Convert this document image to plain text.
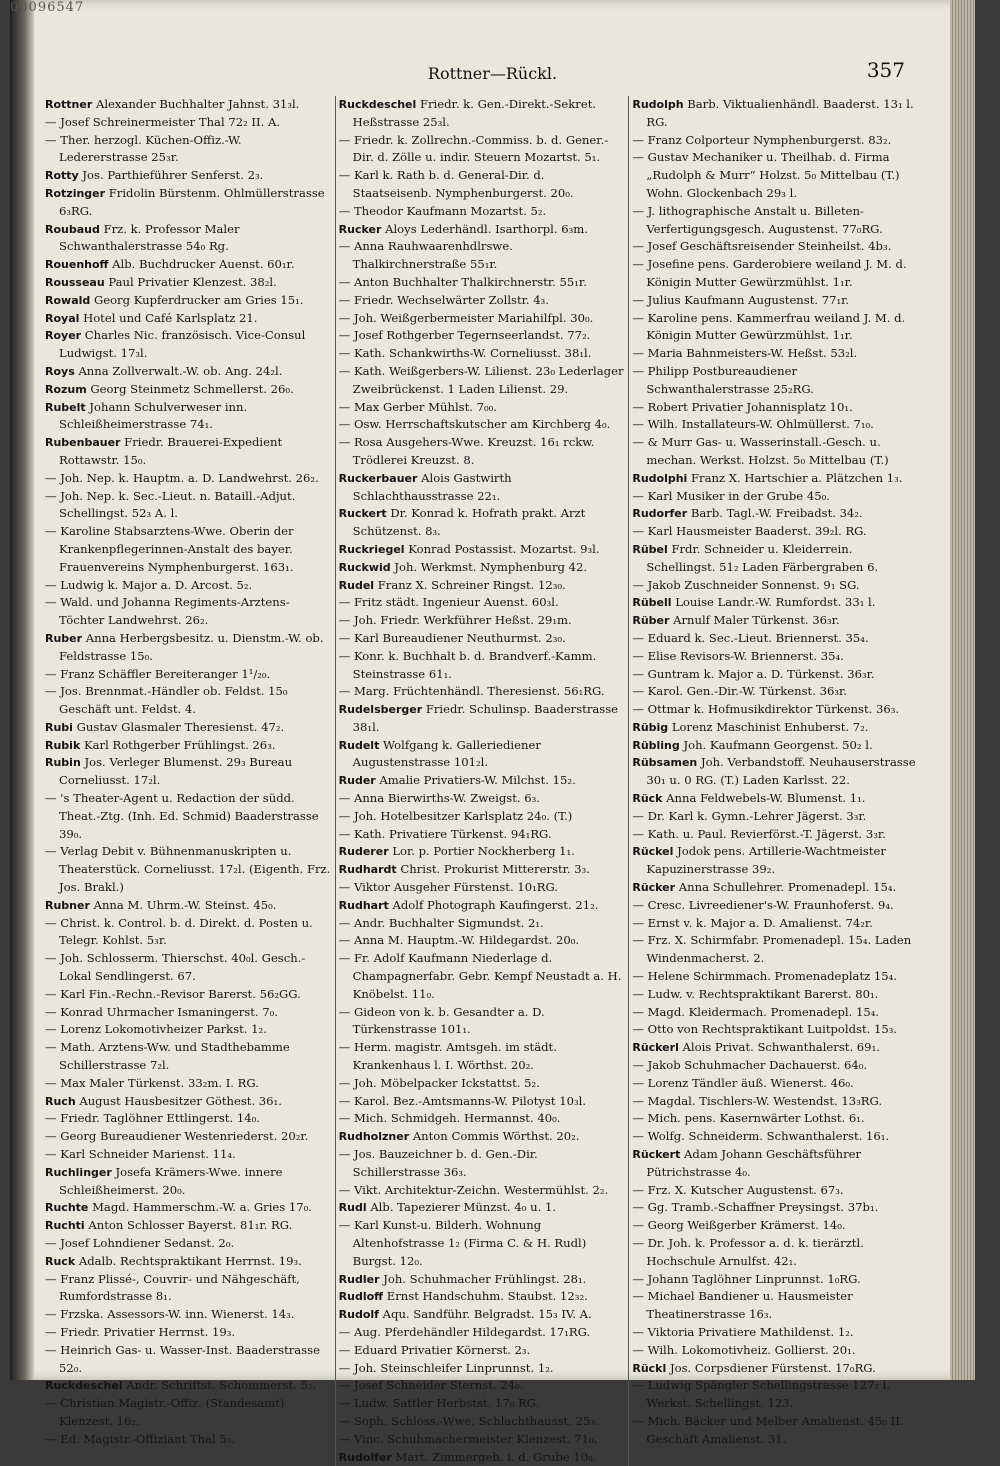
00096547
Rottner—Rückl.	357

Rottner Alexander Buchhalter Jahnst. 31₃l.

— Josef Schreinermeister Thal 72₂ II. A.

— Ther. herzogl. Küchen-Offiz.-W. Ledererstrasse 25₃r.

Rotty Jos. Parthieführer Senferst. 2₃.

Rotzinger Fridolin Bürstenm. Ohlmüllerstrasse 6₃RG.

Roubaud Frz. k. Professor Maler Schwanthalerstrasse 54₀ Rg.

Rouenhoff Alb. Buchdrucker Auenst. 60₁r.

Rousseau Paul Privatier Klenzest. 38₂l.

Rowald Georg Kupferdrucker am Gries 15₁.

Royal Hotel und Café Karlsplatz 21.

Royer Charles Nic. französisch. Vice-Consul Ludwigst. 17₃l.

Roys Anna Zollverwalt.-W. ob. Ang. 24₂l.

Rozum Georg Steinmetz Schmellerst. 26₀.

Rubelt Johann Schulverweser inn. Schleißheimerstrasse 74₁.

Rubenbauer Friedr. Brauerei-Expedient Rottawstr. 15₀.

— Joh. Nep. k. Hauptm. a. D. Landwehrst. 26₂.

— Joh. Nep. k. Sec.-Lieut. n. Bataill.-Adjut. Schellingst. 52₃ A. l.

— Karoline Stabsarztens-Wwe. Oberin der Krankenpflegerinnen-Anstalt des bayer. Frauenvereins Nymphenburgerst. 163₁.

— Ludwig k. Major a. D. Arcost. 5₂.

— Wald. und Johanna Regiments-Arztens-Töchter Landwehrst. 26₂.

Ruber Anna Herbergsbesitz. u. Dienstm.-W. ob. Feldstrasse 15₀.

— Franz Schäffler Bereiteranger 1¹/₂₀.

— Jos. Brennmat.-Händler ob. Feldst. 15₀ Geschäft unt. Feldst. 4.

Rubi Gustav Glasmaler Theresienst. 47₂.

Rubik Karl Rothgerber Frühlingst. 26₃.

Rubin Jos. Verleger Blumenst. 29₃ Bureau Corneliusst. 17₂l.

— 's Theater-Agent u. Redaction der südd. Theat.-Ztg. (Inh. Ed. Schmid) Baaderstrasse 39₀.

— Verlag Debit v. Bühnenmanuskripten u. Theaterstück. Corneliusst. 17₂l. (Eigenth. Frz. Jos. Brakl.)

Rubner Anna M. Uhrm.-W. Steinst. 45₀.

— Christ. k. Control. b. d. Direkt. d. Posten u. Telegr. Kohlst. 5₃r.

— Joh. Schlosserm. Thierschst. 40₀l. Gesch.-Lokal Sendlingerst. 67.

— Karl Fin.-Rechn.-Revisor Barerst. 56₂GG.

— Konrad Uhrmacher Ismaningerst. 7₀.

— Lorenz Lokomotivheizer Parkst. 1₂.

— Math. Arztens-Ww. und Stadthebamme Schillerstrasse 7₂l.

— Max Maler Türkenst. 33₂m. I. RG.

Ruch August Hausbesitzer Göthest. 36₁.

— Friedr. Taglöhner Ettlingerst. 14₀.

— Georg Bureaudiener Westenriederst. 20₂r.

— Karl Schneider Marienst. 11₄.

Ruchlinger Josefa Krämers-Wwe. innere Schleißheimerst. 20₀.

Ruchte Magd. Hammerschm.-W. a. Gries 17₀.

Ruchti Anton Schlosser Bayerst. 81₁r. RG.

— Josef Lohndiener Sedanst. 2₀.

Ruck Adalb. Rechtspraktikant Herrnst. 19₃.

— Franz Plissé-, Couvrir- und Nähgeschäft, Rumfordstrasse 8₁.

— Frzska. Assessors-W. inn. Wienerst. 14₃.

— Friedr. Privatier Herrnst. 19₃.

— Heinrich Gas- u. Wasser-Inst. Baaderstrasse 52₀.

Ruckdeschel Andr. Schriftst. Schommerst. 5₂.

— Christian Magistr.-Offiz. (Standesamt) Klenzest. 16₂.

— Ed. Magistr.-Offiziant Thal 5₃.

Ruckdeschel Friedr. k. Gen.-Direkt.-Sekret. Heßstrasse 25₃l.

— Friedr. k. Zollrechn.-Commiss. b. d. Gener.-Dir. d. Zölle u. indir. Steuern Mozartst. 5₁.

— Karl k. Rath b. d. General-Dir. d. Staatseisenb. Nymphenburgerst. 20₀.

— Theodor Kaufmann Mozartst. 5₂.

Rucker Aloys Lederhändl. Isarthorpl. 6₃m.

— Anna Rauhwaarenhdlrswe. Thalkirchnerstraße 55₁r.

— Anton Buchhalter Thalkirchnerstr. 55₁r.

— Friedr. Wechselwärter Zollstr. 4₃.

— Joh. Weißgerbermeister Mariahilfpl. 30₀.

— Josef Rothgerber Tegernseerlandst. 77₂.

— Kath. Schankwirths-W. Corneliusst. 38₁l.

— Kath. Weißgerbers-W. Lilienst. 23₀ Lederlager Zweibrückenst. 1 Laden Lilienst. 29.

— Max Gerber Mühlst. 7₀₀.

— Osw. Herrschaftskutscher am Kirchberg 4₀.

— Rosa Ausgehers-Wwe. Kreuzst. 16₁ rckw. Trödlerei Kreuzst. 8.

Ruckerbauer Alois Gastwirth Schlachthausstrasse 22₁.

Ruckert Dr. Konrad k. Hofrath prakt. Arzt Schützenst. 8₃.

Ruckriegel Konrad Postassist. Mozartst. 9₃l.

Ruckwid Joh. Werkmst. Nymphenburg 42.

Rudel Franz X. Schreiner Ringst. 12₃₀.

— Fritz städt. Ingenieur Auenst. 60₃l.

— Joh. Friedr. Werkführer Heßst. 29₁m.

— Karl Bureaudiener Neuthurmst. 2₃₀.

— Konr. k. Buchhalt b. d. Brandverf.-Kamm. Steinstrasse 61₁.

— Marg. Früchtenhändl. Theresienst. 56₁RG.

Rudelsberger Friedr. Schulinsp. Baaderstrasse 38₁l.

Rudelt Wolfgang k. Galleriediener Augustenstrasse 101₂l.

Ruder Amalie Privatiers-W. Milchst. 15₂.

— Anna Bierwirths-W. Zweigst. 6₃.

— Joh. Hotelbesitzer Karlsplatz 24₀. (T.)

— Kath. Privatiere Türkenst. 94₁RG.

Ruderer Lor. p. Portier Nockherberg 1₁.

Rudhardt Christ. Prokurist Mittererstr. 3₃.

— Viktor Ausgeher Fürstenst. 10₁RG.

Rudhart Adolf Photograph Kaufingerst. 21₂.

— Andr. Buchhalter Sigmundst. 2₁.

— Anna M. Hauptm.-W. Hildegardst. 20₀.

— Fr. Adolf Kaufmann Niederlage d. Champagnerfabr. Gebr. Kempf Neustadt a. H. Knöbelst. 11₀.

— Gideon von k. b. Gesandter a. D. Türkenstrasse 101₁.

— Herm. magistr. Amtsgeh. im städt. Krankenhaus l. I. Wörthst. 20₂.

— Joh. Möbelpacker Ickstattst. 5₂.

— Karol. Bez.-Amtsmanns-W. Pilotyst 10₃l.

— Mich. Schmidgeh. Hermannst. 40₀.

Rudholzner Anton Commis Wörthst. 20₂.

— Jos. Bauzeichner b. d. Gen.-Dir. Schillerstrasse 36₃.

— Vikt. Architektur-Zeichn. Westermühlst. 2₂.

Rudl Alb. Tapezierer Münzst. 4₀ u. 1.

— Karl Kunst-u. Bilderh. Wohnung Altenhofstrasse 1₂ (Firma C. & H. Rudl) Burgst. 12₀.

Rudler Joh. Schuhmacher Frühlingst. 28₁.

Rudloff Ernst Handschuhm. Staubst. 12₃₂.

Rudolf Aqu. Sandführ. Belgradst. 15₃ IV. A.

— Aug. Pferdehändler Hildegardst. 17₁RG.

— Eduard Privatier Körnerst. 2₃.

— Joh. Steinschleifer Linprunnst. 1₂.

— Josef Schneider Sternst. 24₀.

— Ludw. Sattler Herbstst. 17₀ RG.

— Soph. Schloss.-Wwe. Schlachthausst. 25₃.

— Vinc. Schuhmachermeister Klenzest. 71₀.

Rudolfer Mart. Zimmergeh. i. d. Grube 10₀.

Rudolph Barb. Viktualienhändl. Baaderst. 13₁ l. RG.

— Franz Colporteur Nymphenburgerst. 83₂.

— Gustav Mechaniker u. Theilhab. d. Firma „Rudolph & Murr“ Holzst. 5₀ Mittelbau (T.) Wohn. Glockenbach 29₃ l.

— J. lithographische Anstalt u. Billeten-Verfertigungsgesch. Augustenst. 77₀RG.

— Josef Geschäftsreisender Steinheilst. 4b₃.

— Josefine pens. Garderobiere weiland J. M. d. Königin Mutter Gewürzmühlst. 1₁r.

— Julius Kaufmann Augustenst. 77₁r.

— Karoline pens. Kammerfrau weiland J. M. d. Königin Mutter Gewürzmühlst. 1₁r.

— Maria Bahnmeisters-W. Heßst. 53₂l.

— Philipp Postbureaudiener Schwanthalerstrasse 25₂RG.

— Robert Privatier Johannisplatz 10₁.

— Wilh. Installateurs-W. Ohlmüllerst. 7₁₀.

— & Murr Gas- u. Wasserinstall.-Gesch. u. mechan. Werkst. Holzst. 5₀ Mittelbau (T.)

Rudolphi Franz X. Hartschier a. Plätzchen 1₃.

— Karl Musiker in der Grube 45₀.

Rudorfer Barb. Tagl.-W. Freibadst. 34₂.

— Karl Hausmeister Baaderst. 39₂l. RG.

Rübel Frdr. Schneider u. Kleiderrein. Schellingst. 51₂ Laden Färbergraben 6.

— Jakob Zuschneider Sonnenst. 9₁ SG.

Rübell Louise Landr.-W. Rumfordst. 33₁ l.

Rüber Arnulf Maler Türkenst. 36₃r.

— Eduard k. Sec.-Lieut. Briennerst. 35₄.

— Elise Revisors-W. Briennerst. 35₄.

— Guntram k. Major a. D. Türkenst. 36₃r.

— Karol. Gen.-Dir.-W. Türkenst. 36₃r.

— Ottmar k. Hofmusikdirektor Türkenst. 36₃.

Rübig Lorenz Maschinist Enhuberst. 7₂.

Rübling Joh. Kaufmann Georgenst. 50₂ l.

Rübsamen Joh. Verbandstoff. Neuhauserstrasse 30₁ u. 0 RG. (T.) Laden Karlsst. 22.

Rück Anna Feldwebels-W. Blumenst. 1₁.

— Dr. Karl k. Gymn.-Lehrer Jägerst. 3₃r.

— Kath. u. Paul. Revierförst.-T. Jägerst. 3₃r.

Rückel Jodok pens. Artillerie-Wachtmeister Kapuzinerstrasse 39₂.

Rücker Anna Schullehrer. Promenadepl. 15₄.

— Cresc. Livreediener's-W. Fraunhoferst. 9₄.

— Ernst v. k. Major a. D. Amalienst. 74₂r.

— Frz. X. Schirmfabr. Promenadepl. 15₄. Laden Windenmacherst. 2.

— Helene Schirmmach. Promenadeplatz 15₄.

— Ludw. v. Rechtspraktikant Barerst. 80₁.

— Magd. Kleidermach. Promenadepl. 15₄.

— Otto von Rechtspraktikant Luitpoldst. 15₃.

Rückerl Alois Privat. Schwanthalerst. 69₁.

— Jakob Schuhmacher Dachauerst. 64₀.

— Lorenz Tändler äuß. Wienerst. 46₀.

— Magdal. Tischlers-W. Westendst. 13₃RG.

— Mich. pens. Kasernwärter Lothst. 6₁.

— Wolfg. Schneiderm. Schwanthalerst. 16₁.

Rückert Adam Johann Geschäftsführer Pütrichstrasse 4₀.

— Frz. X. Kutscher Augustenst. 67₃.

— Gg. Tramb.-Schaffner Preysingst. 37b₁.

— Georg Weißgerber Krämerst. 14₀.

— Dr. Joh. k. Professor a. d. k. tierärztl. Hochschule Arnulfst. 42₁.

— Johann Taglöhner Linprunnst. 1₀RG.

— Michael Bandiener u. Hausmeister Theatinerstrasse 16₃.

— Viktoria Privatiere Mathildenst. 1₂.

— Wilh. Lokomotivheiz. Gollierst. 20₁.

Rückl Jos. Corpsdiener Fürstenst. 17₀RG.

— Ludwig Spängler Schellingstrasse 127₂ l. Werkst. Schellingst. 123.

— Mich. Bäcker und Melber Amalienst. 45₀ II. Geschäft Amalienst. 31.
